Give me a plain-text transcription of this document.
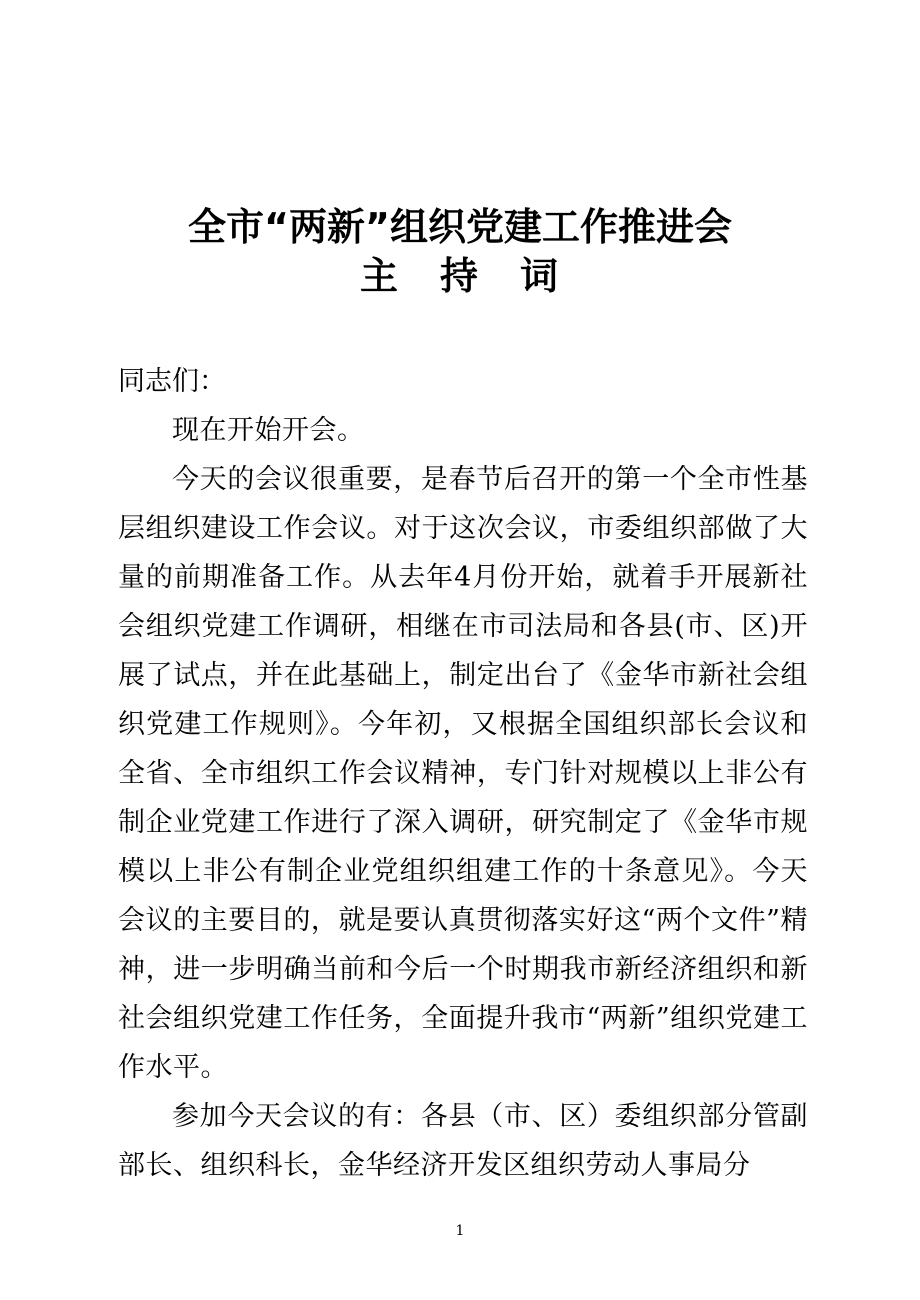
全市“两新”组织党建工作推进会
主　持　词

同志们：

现在开始开会。

今天的会议很重要，是春节后召开的第一个全市性基层组织建设工作会议。对于这次会议，市委组织部做了大量的前期准备工作。从去年4月份开始，就着手开展新社会组织党建工作调研，相继在市司法局和各县(市、区)开展了试点，并在此基础上，制定出台了《金华市新社会组织党建工作规则》。今年初，又根据全国组织部长会议和全省、全市组织工作会议精神，专门针对规模以上非公有制企业党建工作进行了深入调研，研究制定了《金华市规模以上非公有制企业党组织组建工作的十条意见》。今天会议的主要目的，就是要认真贯彻落实好这“两个文件”精神，进一步明确当前和今后一个时期我市新经济组织和新社会组织党建工作任务，全面提升我市“两新”组织党建工作水平。

参加今天会议的有：各县（市、区）委组织部分管副部长、组织科长，金华经济开发区组织劳动人事局分

1
